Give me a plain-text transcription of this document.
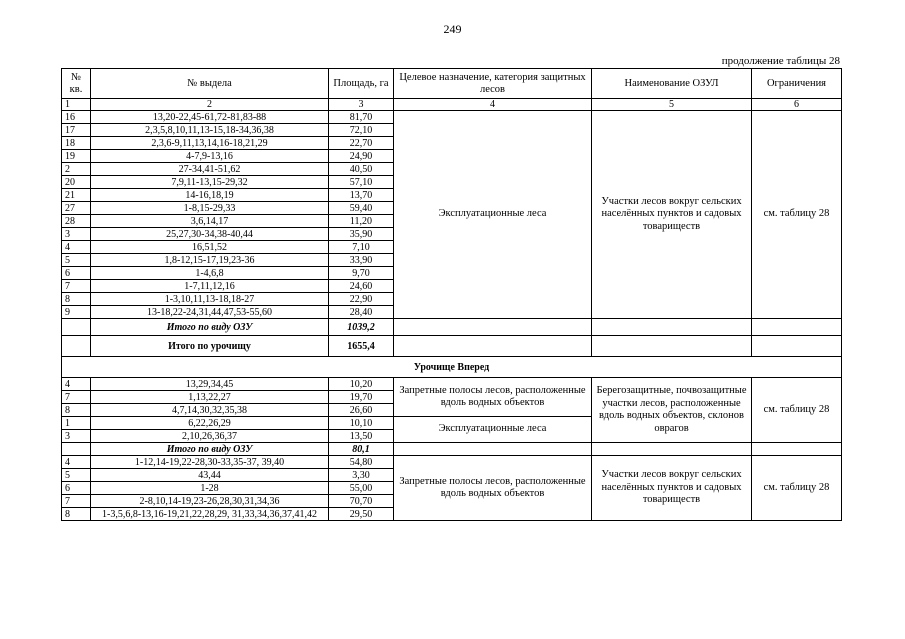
249
продолжение таблицы 28
№ кв.	№ выдела	Площадь, га	Целевое назначение, категория защитных лесов	Наименование ОЗУЛ	Ограничения
1	2	3	4	5	6
16	13,20-22,45-61,72-81,83-88	81,70	Эксплуатационные леса	Участки лесов вокруг сельских населённых пунктов и садовых товариществ	см. таблицу 28
17	2,3,5,8,10,11,13-15,18-34,36,38	72,10			
18	2,3,6-9,11,13,14,16-18,21,29	22,70			
19	4-7,9-13,16	24,90			
2	27-34,41-51,62	40,50			
20	7,9,11-13,15-29,32	57,10			
21	14-16,18,19	13,70			
27	1-8,15-29,33	59,40			
28	3,6,14,17	11,20			
3	25,27,30-34,38-40,44	35,90			
4	16,51,52	7,10			
5	1,8-12,15-17,19,23-36	33,90			
6	1-4,6,8	9,70			
7	1-7,11,12,16	24,60			
8	1-3,10,11,13-18,18-27	22,90			
9	13-18,22-24,31,44,47,53-55,60	28,40			
	Итого по виду ОЗУ	1039,2			
	Итого по урочищу	1655,4			
Урочище Вперед					
4	13,29,34,45	10,20	Запретные полосы лесов, расположенные вдоль водных объектов	Берегозащитные, почвозащитные участки лесов, расположенные вдоль водных объектов, склонов оврагов	см. таблицу 28
7	1,13,22,27	19,70			
8	4,7,14,30,32,35,38	26,60			
1	6,22,26,29	10,10	Эксплуатационные леса		
3	2,10,26,36,37	13,50			
	Итого по виду ОЗУ	80,1			
4	1-12,14-19,22-28,30-33,35-37, 39,40	54,80	Запретные полосы лесов, расположенные вдоль водных объектов	Участки лесов вокруг сельских населённых пунктов и садовых товариществ	см. таблицу 28
5	43,44	3,30			
6	1-28	55,00			
7	2-8,10,14-19,23-26,28,30,31,34,36	70,70			
8	1-3,5,6,8-13,16-19,21,22,28,29, 31,33,34,36,37,41,42	29,50			
